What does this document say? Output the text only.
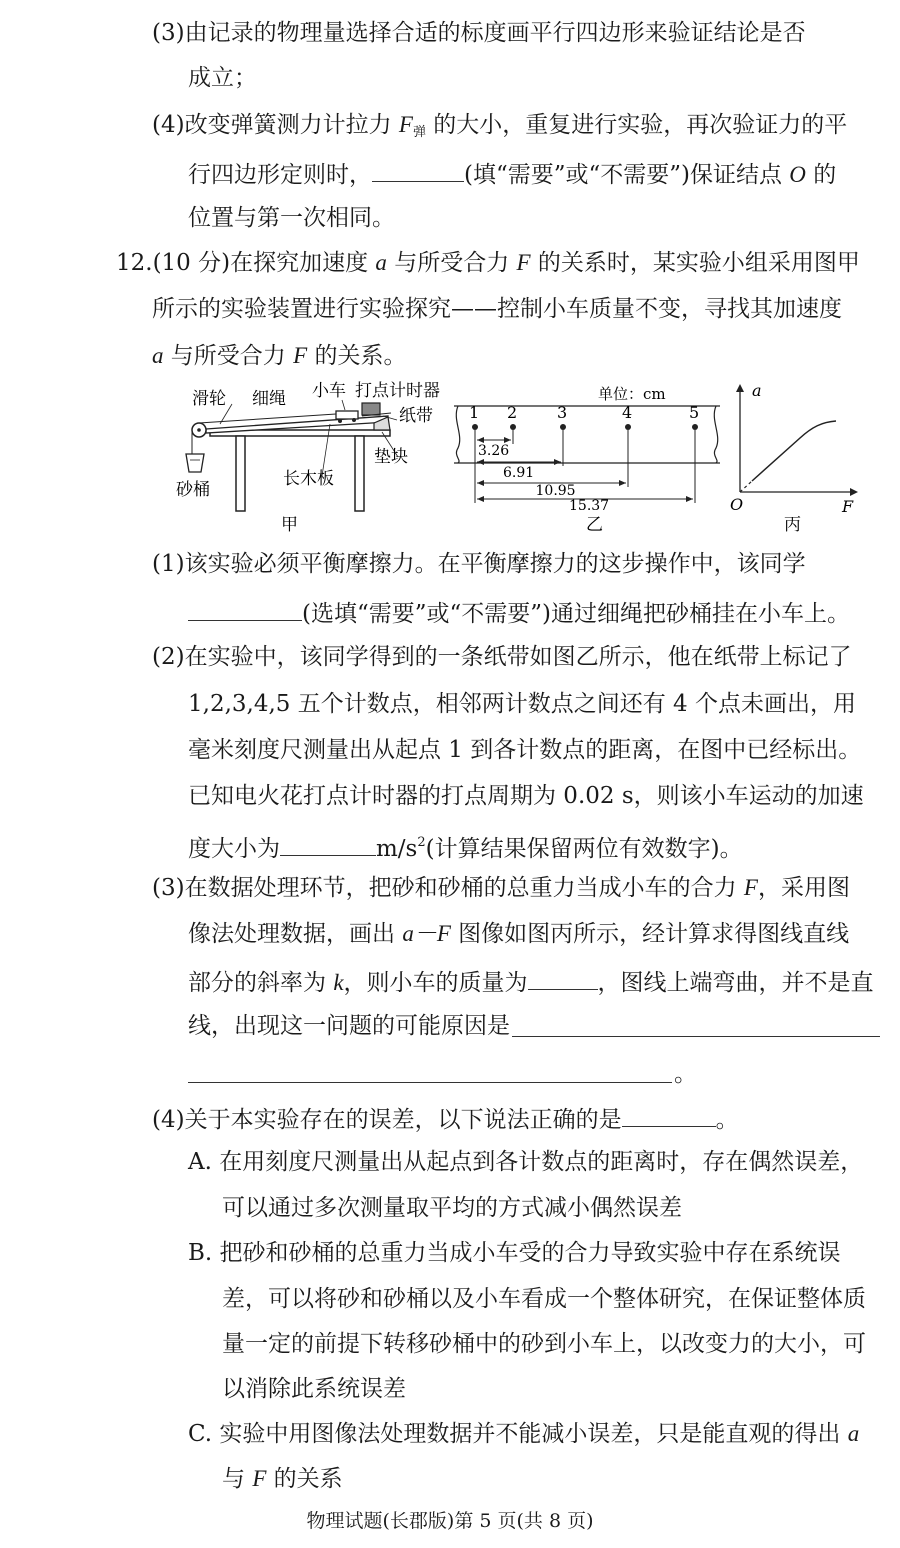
(3)由记录的物理量选择合适的标度画平行四边形来验证结论是否
成立；
(4)改变弹簧测力计拉力 $F_弹$ 的大小，重复进行实验，再次验证力的平
行四边形定则时，	(填“需要”或“不需要”)保证结点 O 的
位置与第一次相同。
12.(10 分)在探究加速度 a 与所受合力 F 的关系时，某实验小组采用图甲
所示的实验装置进行实验探究——控制小车质量不变，寻找其加速度
a 与所受合力 F 的关系。
滑轮 细绳 小车 打点计时器
纸带
垫块
长木板
砂桶
甲
单位：cm
1 2 3	4	5
3.26
6.91
10.95
15.37
乙
a
F
O
丙
(1)该实验必须平衡摩擦力。在平衡摩擦力的这步操作中，该同学
(选填“需要”或“不需要”)通过细绳把砂桶挂在小车上。
(2)在实验中，该同学得到的一条纸带如图乙所示，他在纸带上标记了
1,2,3,4,5 五个计数点，相邻两计数点之间还有 4 个点未画出，用
毫米刻度尺测量出从起点 1 到各计数点的距离，在图中已经标出。
已知电火花打点计时器的打点周期为 0.02 s，则该小车运动的加速
度大小为	$m/s^2$(计算结果保留两位有效数字)。
(3)在数据处理环节，把砂和砂桶的总重力当成小车的合力 F，采用图
像法处理数据，画出 a－F 图像如图丙所示，经计算求得图线直线
部分的斜率为 k，则小车的质量为	，图线上端弯曲，并不是直
线，出现这一问题的可能原因是
。
(4)关于本实验存在的误差，以下说法正确的是	。
A. 在用刻度尺测量出从起点到各计数点的距离时，存在偶然误差，
可以通过多次测量取平均的方式减小偶然误差
B. 把砂和砂桶的总重力当成小车受的合力导致实验中存在系统误
差，可以将砂和砂桶以及小车看成一个整体研究，在保证整体质
量一定的前提下转移砂桶中的砂到小车上，以改变力的大小，可
以消除此系统误差
C. 实验中用图像法处理数据并不能减小误差，只是能直观的得出 a
与 F 的关系
物理试题(长郡版)第 5 页(共 8 页)
